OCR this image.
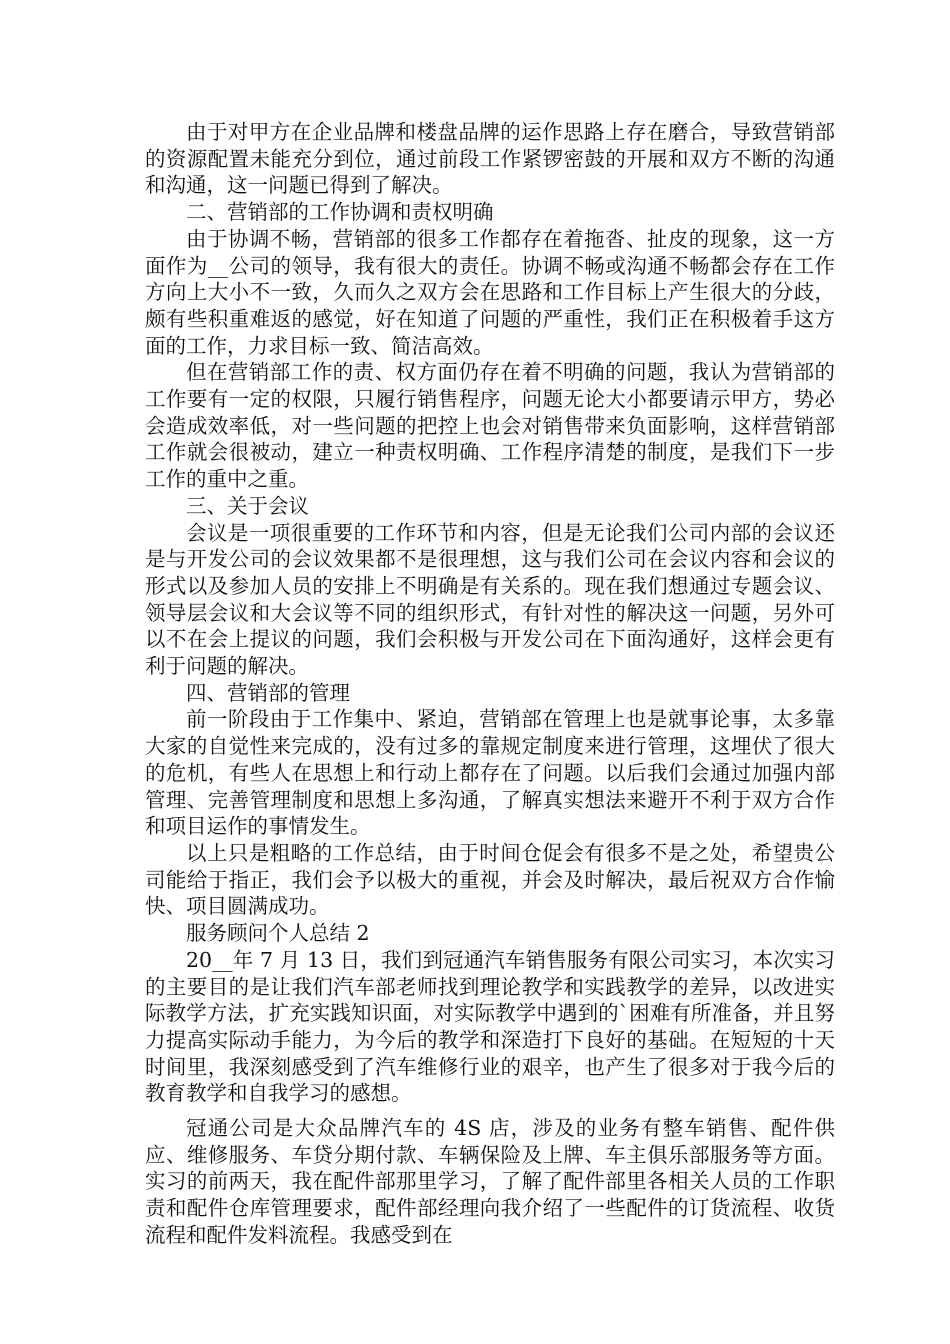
由于对甲方在企业品牌和楼盘品牌的运作思路上存在磨合，导致营销部的资源配置未能充分到位，通过前段工作紧锣密鼓的开展和双方不断的沟通和沟通，这一问题已得到了解决。

二、营销部的工作协调和责权明确

由于协调不畅，营销部的很多工作都存在着拖沓、扯皮的现象，这一方面作为__公司的领导，我有很大的责任。协调不畅或沟通不畅都会存在工作方向上大小不一致，久而久之双方会在思路和工作目标上产生很大的分歧，颇有些积重难返的感觉，好在知道了问题的严重性，我们正在积极着手这方面的工作，力求目标一致、简洁高效。

但在营销部工作的责、权方面仍存在着不明确的问题，我认为营销部的工作要有一定的权限，只履行销售程序，问题无论大小都要请示甲方，势必会造成效率低，对一些问题的把控上也会对销售带来负面影响，这样营销部工作就会很被动，建立一种责权明确、工作程序清楚的制度，是我们下一步工作的重中之重。

三、关于会议

会议是一项很重要的工作环节和内容，但是无论我们公司内部的会议还是与开发公司的会议效果都不是很理想，这与我们公司在会议内容和会议的形式以及参加人员的安排上不明确是有关系的。现在我们想通过专题会议、领导层会议和大会议等不同的组织形式，有针对性的解决这一问题，另外可以不在会上提议的问题，我们会积极与开发公司在下面沟通好，这样会更有利于问题的解决。

四、营销部的管理

前一阶段由于工作集中、紧迫，营销部在管理上也是就事论事，太多靠大家的自觉性来完成的，没有过多的靠规定制度来进行管理，这埋伏了很大的危机，有些人在思想上和行动上都存在了问题。以后我们会通过加强内部管理、完善管理制度和思想上多沟通，了解真实想法来避开不利于双方合作和项目运作的事情发生。

以上只是粗略的工作总结，由于时间仓促会有很多不是之处，希望贵公司能给于指正，我们会予以极大的重视，并会及时解决，最后祝双方合作愉快、项目圆满成功。

服务顾问个人总结 2

20__年 7 月 13 日，我们到冠通汽车销售服务有限公司实习，本次实习的主要目的是让我们汽车部老师找到理论教学和实践教学的差异，以改进实际教学方法，扩充实践知识面，对实际教学中遇到的`困难有所准备，并且努力提高实际动手能力，为今后的教学和深造打下良好的基础。在短短的十天时间里，我深刻感受到了汽车维修行业的艰辛，也产生了很多对于我今后的教育教学和自我学习的感想。

冠通公司是大众品牌汽车的 4S 店，涉及的业务有整车销售、配件供应、维修服务、车贷分期付款、车辆保险及上牌、车主俱乐部服务等方面。实习的前两天，我在配件部那里学习，了解了配件部里各相关人员的工作职责和配件仓库管理要求，配件部经理向我介绍了一些配件的订货流程、收货流程和配件发料流程。我感受到在
